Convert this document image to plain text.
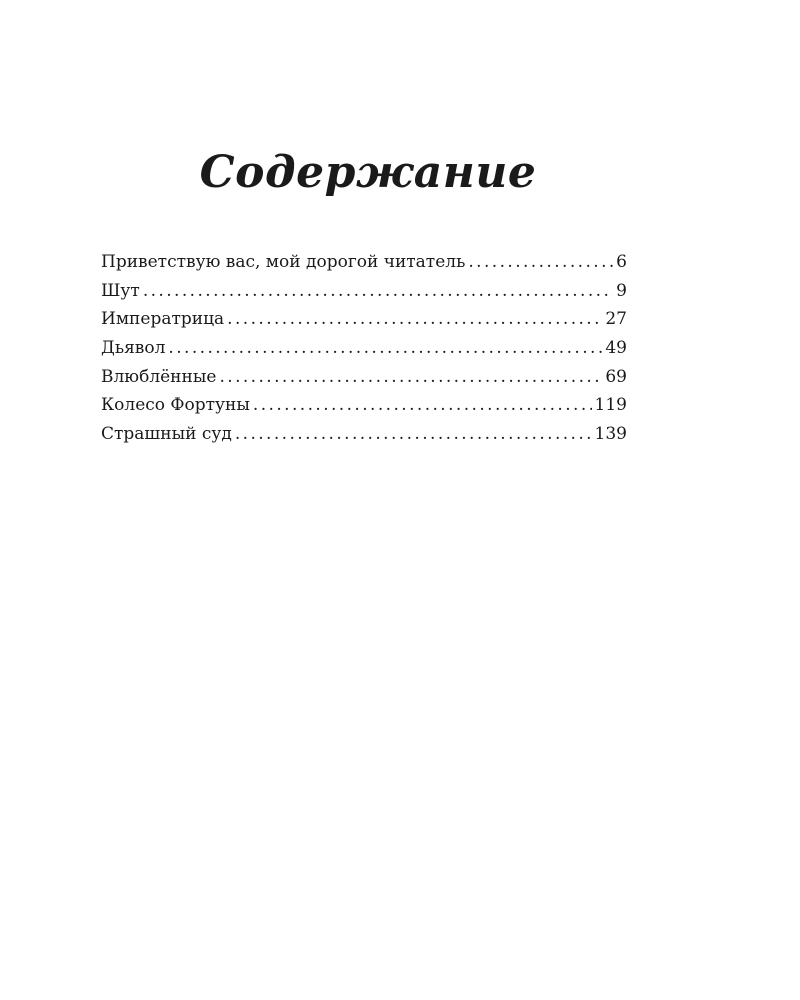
Содержание
Приветствую вас, мой дорогой читатель . . .	6
Шут . . .	9
Императрица . . .	27
Дьявол . . .	49
Влюблённые . . .	69
Колесо Фортуны . . .	119
Страшный суд . . .	139
